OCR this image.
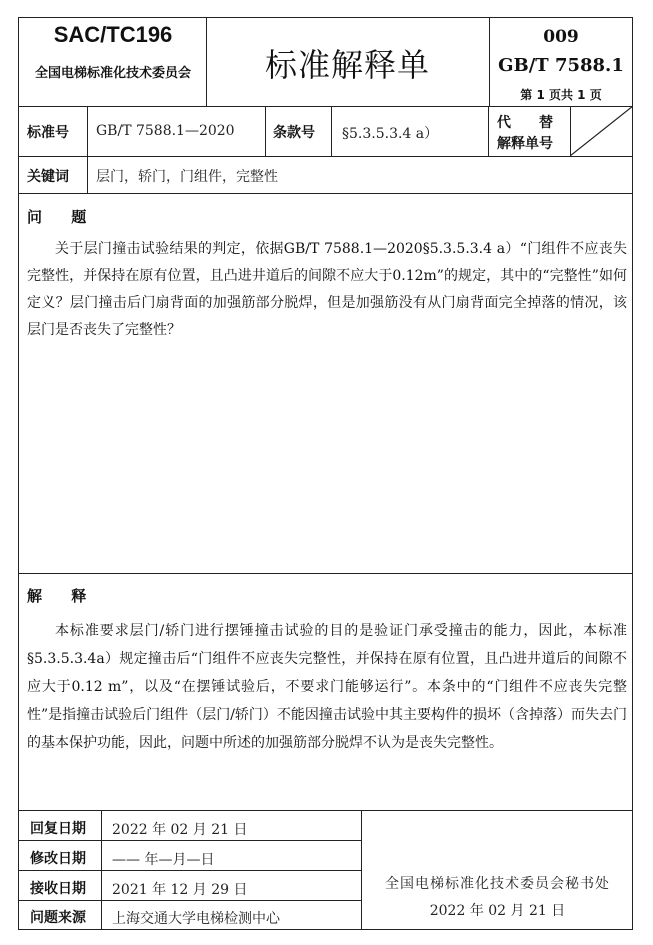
SAC/TC196
全国电梯标准化技术委员会	标准解释单
009
GB/T 7588.1
第 1 页共 1 页
标准号 GB/T 7588.1—2020	条款号 §5.3.5.3.4 a）
代　　替
解释单号
关键词 层门，轿门，门组件，完整性
问 题
关于层门撞击试验结果的判定，依据GB/T 7588.1—2020§5.3.5.3.4 a）“门组件不应丧失完整性，并保持在原有位置，且凸进井道后的间隙不应大于0.12m”的规定，其中的“完整性”如何定义？层门撞击后门扇背面的加强筋部分脱焊，但是加强筋没有从门扇背面完全掉落的情况，该层门是否丧失了完整性？
解 释
本标准要求层门/轿门进行摆锤撞击试验的目的是验证门承受撞击的能力，因此，本标准§5.3.5.3.4a）规定撞击后“门组件不应丧失完整性，并保持在原有位置，且凸进井道后的间隙不应大于0.12 m”，以及“在摆锤试验后，不要求门能够运行”。本条中的“门组件不应丧失完整性”是指撞击试验后门组件（层门/轿门）不能因撞击试验中其主要构件的损坏（含掉落）而失去门的基本保护功能，因此，问题中所述的加强筋部分脱焊不认为是丧失完整性。
回复日期 2022 年 02 月 21 日
修改日期 —— 年—月—日
接收日期 2021 年 12 月 29 日
问题来源 上海交通大学电梯检测中心
全国电梯标准化技术委员会秘书处
2022 年 02 月 21 日
